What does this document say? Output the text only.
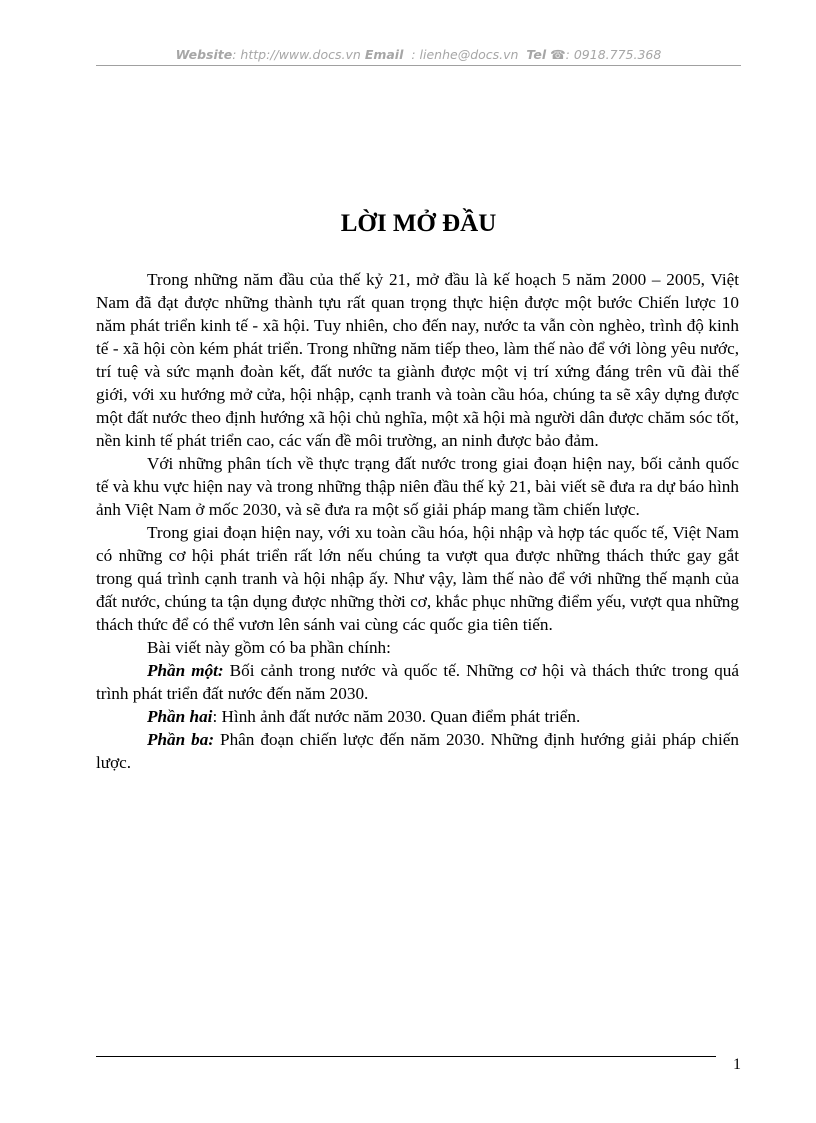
Website: http://www.docs.vn Email : lienhe@docs.vn Tel ☎: 0918.775.368
LỜI MỞ ĐẦU

Trong những năm đầu của thế kỷ 21, mở đầu là kế hoạch 5 năm 2000 – 2005, Việt Nam đã đạt được những thành tựu rất quan trọng thực hiện được một bước Chiến lược 10 năm phát triển kinh tế - xã hội. Tuy nhiên, cho đến nay, nước ta vẫn còn nghèo, trình độ kinh tế - xã hội còn kém phát triển. Trong những năm tiếp theo, làm thế nào để với lòng yêu nước, trí tuệ và sức mạnh đoàn kết, đất nước ta giành được một vị trí xứng đáng trên vũ đài thế giới, với xu hướng mở cửa, hội nhập, cạnh tranh và toàn cầu hóa, chúng ta sẽ xây dựng được một đất nước theo định hướng xã hội chủ nghĩa, một xã hội mà người dân được chăm sóc tốt, nền kinh tế phát triển cao, các vấn đề môi trường, an ninh được bảo đảm.

Với những phân tích về thực trạng đất nước trong giai đoạn hiện nay, bối cảnh quốc tế và khu vực hiện nay và trong những thập niên đầu thế kỷ 21, bài viết sẽ đưa ra dự báo hình ảnh Việt Nam ở mốc 2030, và sẽ đưa ra một số giải pháp mang tầm chiến lược.

Trong giai đoạn hiện nay, với xu toàn cầu hóa, hội nhập và hợp tác quốc tế, Việt Nam có những cơ hội phát triển rất lớn nếu chúng ta vượt qua được những thách thức gay gắt trong quá trình cạnh tranh và hội nhập ấy. Như vậy, làm thế nào để với những thế mạnh của đất nước, chúng ta tận dụng được những thời cơ, khắc phục những điểm yếu, vượt qua những thách thức để có thể vươn lên sánh vai cùng các quốc gia tiên tiến.

Bài viết này gồm có ba phần chính:

Phần một: Bối cảnh trong nước và quốc tế. Những cơ hội và thách thức trong quá trình phát triển đất nước đến năm 2030.

Phần hai: Hình ảnh đất nước năm 2030. Quan điểm phát triển.

Phần ba: Phân đoạn chiến lược đến năm 2030. Những định hướng giải pháp chiến lược.

1
